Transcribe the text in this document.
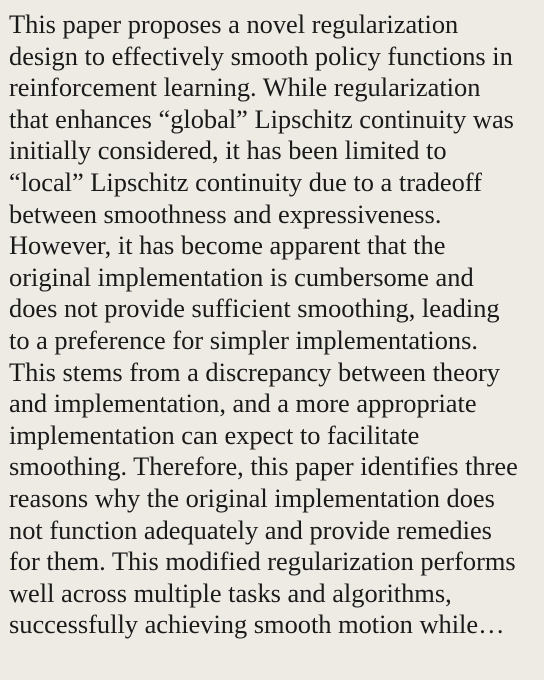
This paper proposes a novel regularization
design to effectively smooth policy functions in
reinforcement learning. While regularization
that enhances “global” Lipschitz continuity was
initially considered, it has been limited to
“local” Lipschitz continuity due to a tradeoff
between smoothness and expressiveness.
However, it has become apparent that the
original implementation is cumbersome and
does not provide sufficient smoothing, leading
to a preference for simpler implementations.
This stems from a discrepancy between theory
and implementation, and a more appropriate
implementation can expect to facilitate
smoothing. Therefore, this paper identifies three
reasons why the original implementation does
not function adequately and provide remedies
for them. This modified regularization performs
well across multiple tasks and algorithms,
successfully achieving smooth motion while…
